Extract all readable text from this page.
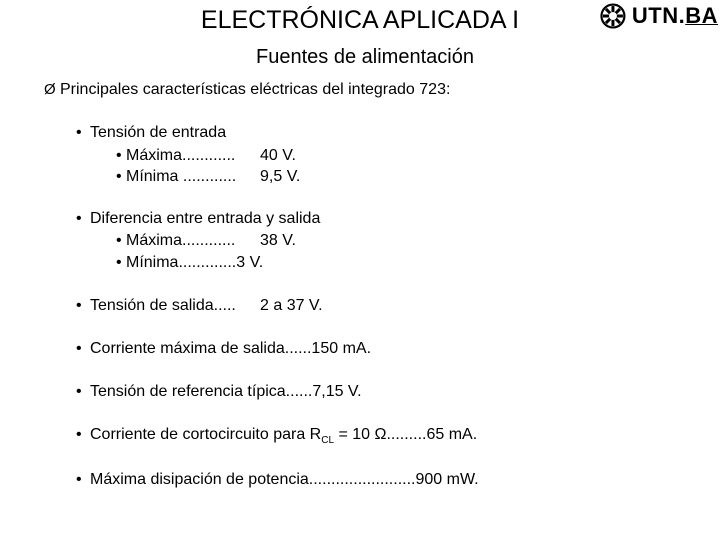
ELECTRÓNICA APLICADA I
Fuentes de alimentación
UTN.BA
Ø Principales características eléctricas del integrado 723:
• Tensión de entrada
• Máxima............ 40 V.
• Mínima ............ 9,5 V.
• Diferencia entre entrada y salida
• Máxima............ 38 V.
• Mínima.............3 V.
• Tensión de salida..... 2 a 37 V.
• Corriente máxima de salida......150 mA.
• Tensión de referencia típica......7,15 V.
• Corriente de cortocircuito para $R_{CL} = 10$ Ω.........65 mA.
• Máxima disipación de potencia........................900 mW.
